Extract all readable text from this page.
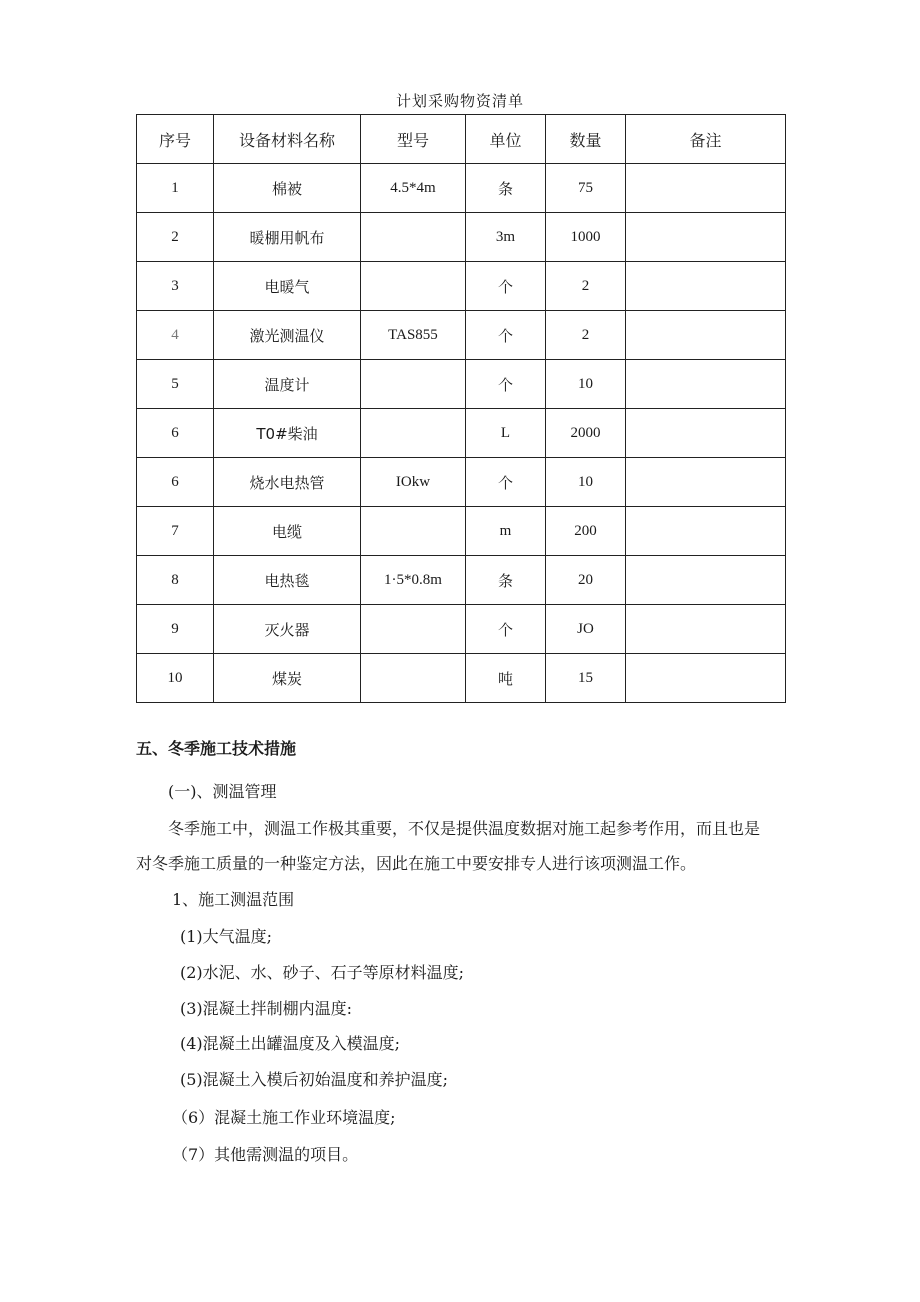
计划采购物资清单
序号	设备材料名称	型号	单位	数量	备注
1	棉被	4.5*4m	条	75	
2	暖棚用帆布		3m	1000	
3	电暖气		个	2	
4	激光测温仪	TAS855	个	2	
5	温度计		个	10	
6	T0#柴油		L	2000	
6	烧水电热管	IOkw	个	10	
7	电缆		m	200	
8	电热毯	1·5*0.8m	条	20	
9	灭火器		个	JO	
10	煤炭		吨	15	
五、冬季施工技术措施
(一)、测温管理
冬季施工中，测温工作极其重要，不仅是提供温度数据对施工起参考作用，而且也是
对冬季施工质量的一种鉴定方法，因此在施工中要安排专人进行该项测温工作。
1、施工测温范围
(1)大气温度;
(2)水泥、水、砂子、石子等原材料温度;
(3)混凝土拌制棚内温度:
(4)混凝土出罐温度及入模温度;
(5)混凝土入模后初始温度和养护温度;
（6）混凝土施工作业环境温度;
（7）其他需测温的项目。
